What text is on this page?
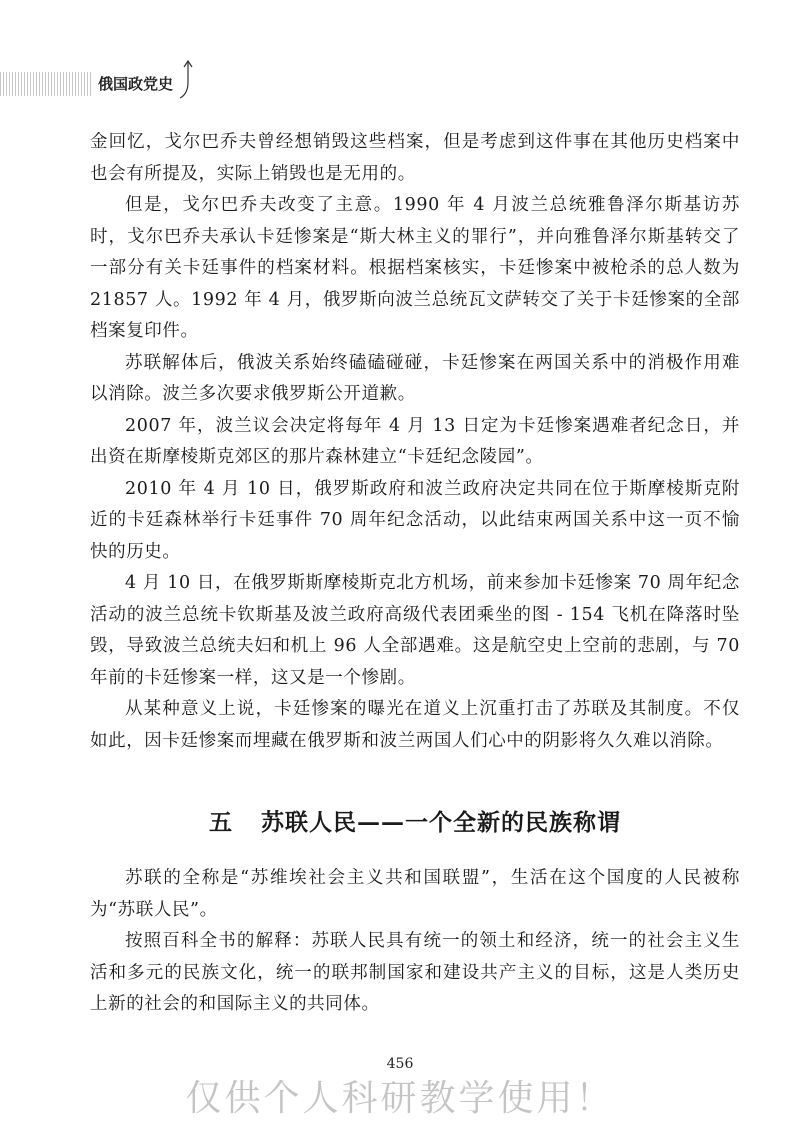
俄国政党史

金回忆，戈尔巴乔夫曾经想销毁这些档案，但是考虑到这件事在其他历史档案中也会有所提及，实际上销毁也是无用的。

但是，戈尔巴乔夫改变了主意。1990 年 4 月波兰总统雅鲁泽尔斯基访苏时，戈尔巴乔夫承认卡廷惨案是“斯大林主义的罪行”，并向雅鲁泽尔斯基转交了一部分有关卡廷事件的档案材料。根据档案核实，卡廷惨案中被枪杀的总人数为 21857 人。1992 年 4 月，俄罗斯向波兰总统瓦文萨转交了关于卡廷惨案的全部档案复印件。

苏联解体后，俄波关系始终磕磕碰碰，卡廷惨案在两国关系中的消极作用难以消除。波兰多次要求俄罗斯公开道歉。

2007 年，波兰议会决定将每年 4 月 13 日定为卡廷惨案遇难者纪念日，并出资在斯摩棱斯克郊区的那片森林建立“卡廷纪念陵园”。

2010 年 4 月 10 日，俄罗斯政府和波兰政府决定共同在位于斯摩棱斯克附近的卡廷森林举行卡廷事件 70 周年纪念活动，以此结束两国关系中这一页不愉快的历史。

4 月 10 日，在俄罗斯斯摩棱斯克北方机场，前来参加卡廷惨案 70 周年纪念活动的波兰总统卡钦斯基及波兰政府高级代表团乘坐的图 - 154 飞机在降落时坠毁，导致波兰总统夫妇和机上 96 人全部遇难。这是航空史上空前的悲剧，与 70 年前的卡廷惨案一样，这又是一个惨剧。

从某种意义上说，卡廷惨案的曝光在道义上沉重打击了苏联及其制度。不仅如此，因卡廷惨案而埋藏在俄罗斯和波兰两国人们心中的阴影将久久难以消除。

五 苏联人民——一个全新的民族称谓

苏联的全称是“苏维埃社会主义共和国联盟”，生活在这个国度的人民被称为“苏联人民”。

按照百科全书的解释：苏联人民具有统一的领土和经济，统一的社会主义生活和多元的民族文化，统一的联邦制国家和建设共产主义的目标，这是人类历史上新的社会的和国际主义的共同体。

456
仅供个人科研教学使用！
